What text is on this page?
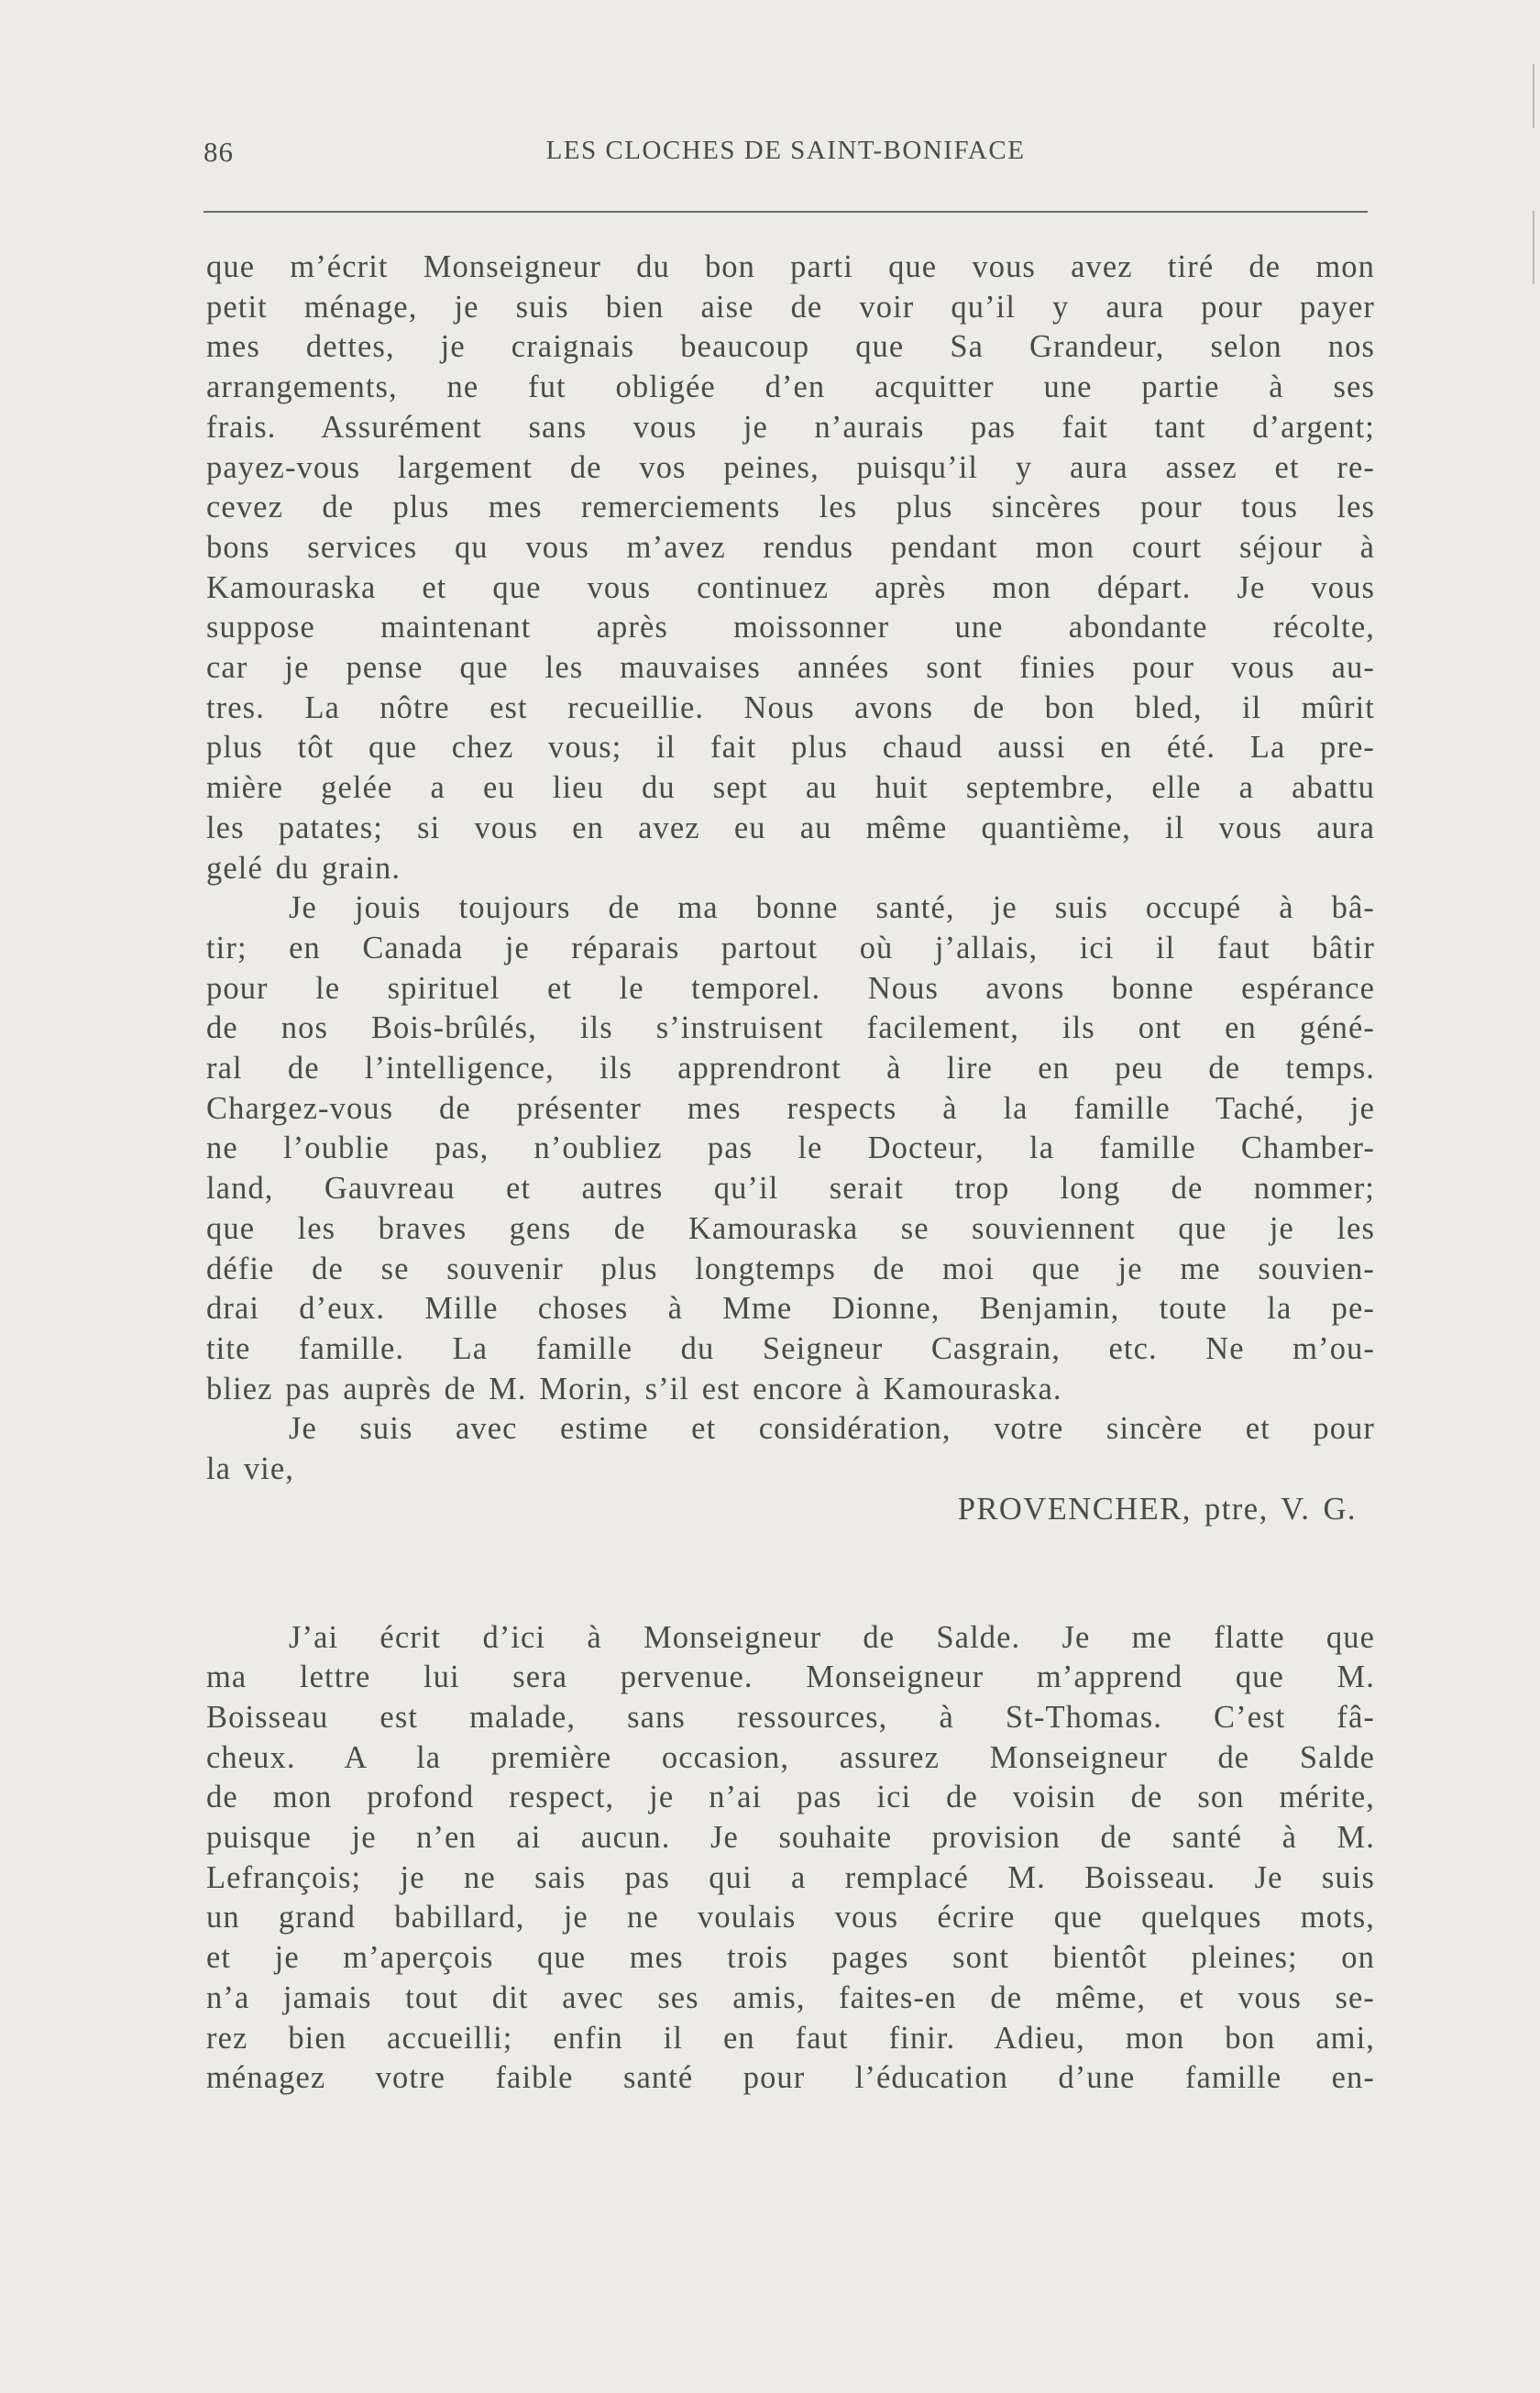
86	LES CLOCHES DE SAINT-BONIFACE

que m’écrit Monseigneur du bon parti que vous avez tiré de mon

petit ménage, je suis bien aise de voir qu’il y aura pour payer

mes dettes, je craignais beaucoup que Sa Grandeur, selon nos

arrangements, ne fut obligée d’en acquitter une partie à ses

frais. Assurément sans vous je n’aurais pas fait tant d’argent;

payez-vous largement de vos peines, puisqu’il y aura assez et re-

cevez de plus mes remerciements les plus sincères pour tous les

bons services qu vous m’avez rendus pendant mon court séjour à

Kamouraska et que vous continuez après mon départ. Je vous

suppose maintenant après moissonner une abondante récolte,

car je pense que les mauvaises années sont finies pour vous au-

tres. La nôtre est recueillie. Nous avons de bon bled, il mûrit

plus tôt que chez vous; il fait plus chaud aussi en été. La pre-

mière gelée a eu lieu du sept au huit septembre, elle a abattu

les patates; si vous en avez eu au même quantième, il vous aura

gelé du grain.

Je jouis toujours de ma bonne santé, je suis occupé à bâ-

tir; en Canada je réparais partout où j’allais, ici il faut bâtir

pour le spirituel et le temporel. Nous avons bonne espérance

de nos Bois-brûlés, ils s’instruisent facilement, ils ont en géné-

ral de l’intelligence, ils apprendront à lire en peu de temps.

Chargez-vous de présenter mes respects à la famille Taché, je

ne l’oublie pas, n’oubliez pas le Docteur, la famille Chamber-

land, Gauvreau et autres qu’il serait trop long de nommer;

que les braves gens de Kamouraska se souviennent que je les

défie de se souvenir plus longtemps de moi que je me souvien-

drai d’eux. Mille choses à Mme Dionne, Benjamin, toute la pe-

tite famille. La famille du Seigneur Casgrain, etc. Ne m’ou-

bliez pas auprès de M. Morin, s’il est encore à Kamouraska.

Je suis avec estime et considération, votre sincère et pour

la vie,

PROVENCHER, ptre, V. G.

J’ai écrit d’ici à Monseigneur de Salde. Je me flatte que

ma lettre lui sera pervenue. Monseigneur m’apprend que M.

Boisseau est malade, sans ressources, à St-Thomas. C’est fâ-

cheux. A la première occasion, assurez Monseigneur de Salde

de mon profond respect, je n’ai pas ici de voisin de son mérite,

puisque je n’en ai aucun. Je souhaite provision de santé à M.

Lefrançois; je ne sais pas qui a remplacé M. Boisseau. Je suis

un grand babillard, je ne voulais vous écrire que quelques mots,

et je m’aperçois que mes trois pages sont bientôt pleines; on

n’a jamais tout dit avec ses amis, faites-en de même, et vous se-

rez bien accueilli; enfin il en faut finir. Adieu, mon bon ami,

ménagez votre faible santé pour l’éducation d’une famille en-
